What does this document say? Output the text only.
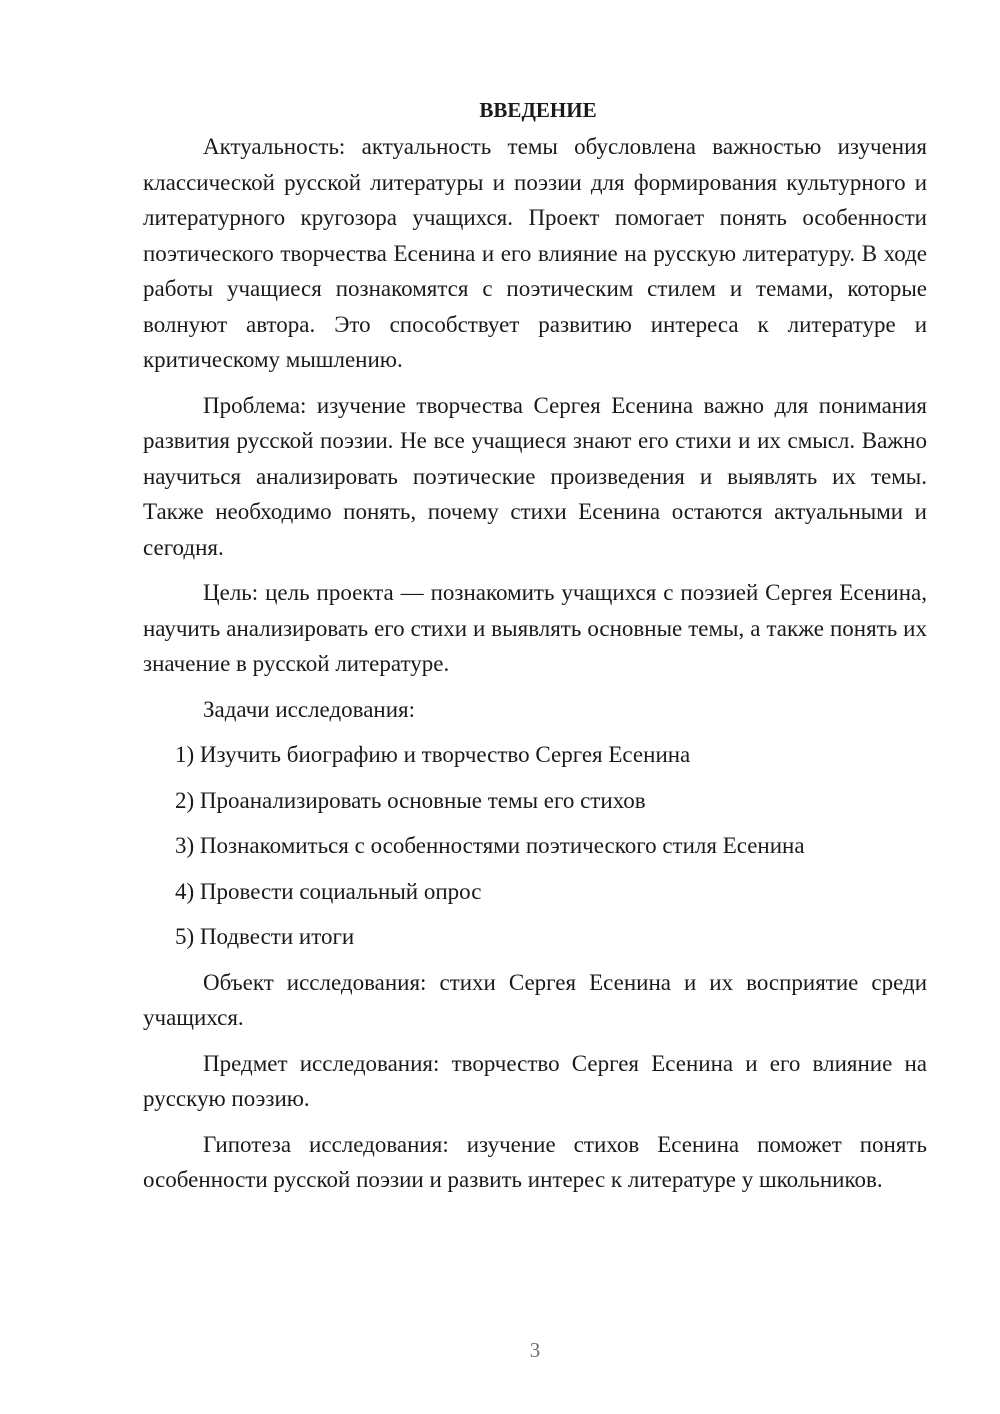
ВВЕДЕНИЕ

Актуальность: актуальность темы обусловлена важностью изучения классической русской литературы и поэзии для формирования культурного и литературного кругозора учащихся. Проект помогает понять особенности поэтического творчества Есенина и его влияние на русскую литературу. В ходе работы учащиеся познакомятся с поэтическим стилем и темами, которые волнуют автора. Это способствует развитию интереса к литературе и критическому мышлению.

Проблема: изучение творчества Сергея Есенина важно для понимания развития русской поэзии. Не все учащиеся знают его стихи и их смысл. Важно научиться анализировать поэтические произведения и выявлять их темы. Также необходимо понять, почему стихи Есенина остаются актуальными и сегодня.

Цель: цель проекта — познакомить учащихся с поэзией Сергея Есенина, научить анализировать его стихи и выявлять основные темы, а также понять их значение в русской литературе.

Задачи исследования:

1) Изучить биографию и творчество Сергея Есенина
2) Проанализировать основные темы его стихов
3) Познакомиться с особенностями поэтического стиля Есенина
4) Провести социальный опрос
5) Подвести итоги

Объект исследования: стихи Сергея Есенина и их восприятие среди учащихся.

Предмет исследования: творчество Сергея Есенина и его влияние на русскую поэзию.

Гипотеза исследования: изучение стихов Есенина поможет понять особенности русской поэзии и развить интерес к литературе у школьников.

3
